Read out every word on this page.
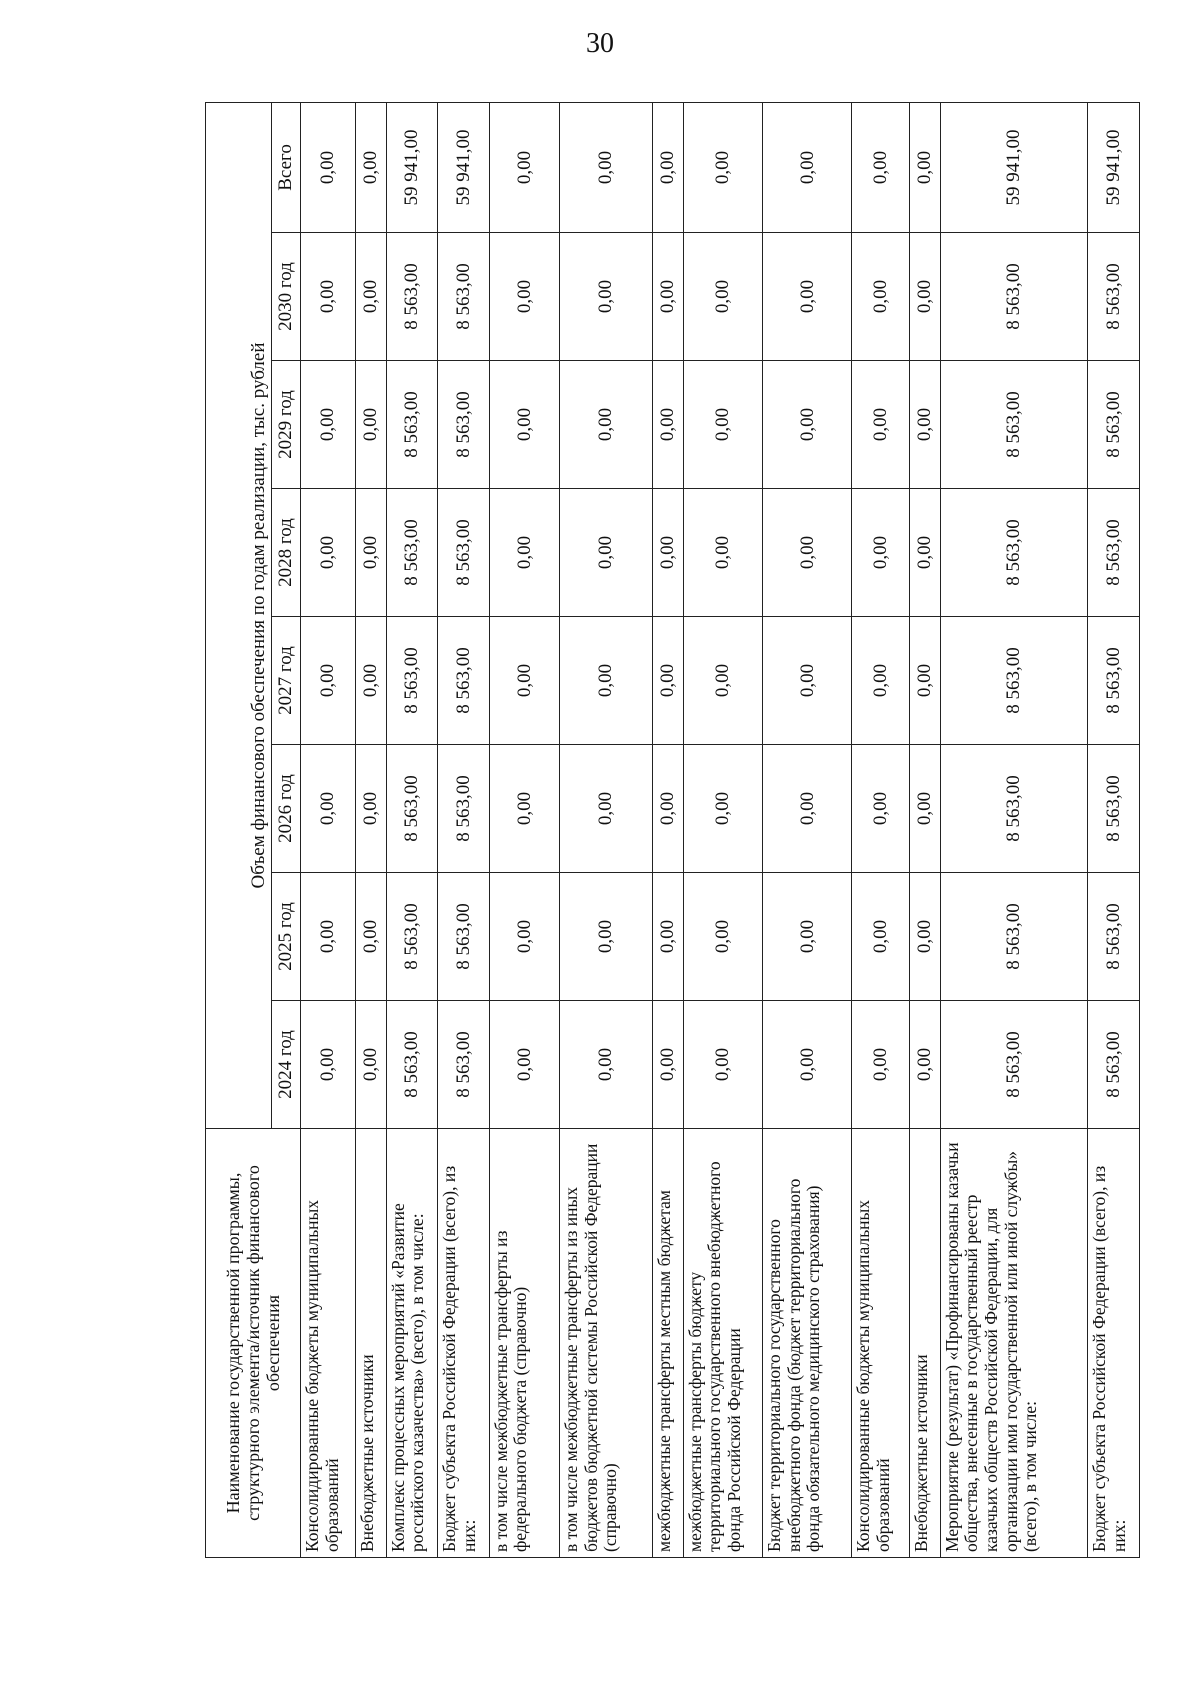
30
Наименование государственной программы, структурного элемента/источник финансового обеспечения	Объем финансового обеспечения по годам реализации, тыс. рублей							
	2024 год	2025 год	2026 год	2027 год	2028 год	2029 год	2030 год	Всего
Консолидированные бюджеты муниципальных образований	0,00	0,00	0,00	0,00	0,00	0,00	0,00	0,00
Внебюджетные источники	0,00	0,00	0,00	0,00	0,00	0,00	0,00	0,00
Комплекс процессных мероприятий «Развитие российского казачества» (всего), в том числе:	8 563,00	8 563,00	8 563,00	8 563,00	8 563,00	8 563,00	8 563,00	59 941,00
Бюджет субъекта Российской Федерации (всего), из них:	8 563,00	8 563,00	8 563,00	8 563,00	8 563,00	8 563,00	8 563,00	59 941,00
в том числе межбюджетные трансферты из федерального бюджета (справочно)	0,00	0,00	0,00	0,00	0,00	0,00	0,00	0,00
в том числе межбюджетные трансферты из иных бюджетов бюджетной системы Российской Федерации (справочно)	0,00	0,00	0,00	0,00	0,00	0,00	0,00	0,00
межбюджетные трансферты местным бюджетам	0,00	0,00	0,00	0,00	0,00	0,00	0,00	0,00
межбюджетные трансферты бюджету территориального государственного внебюджетного фонда Российской Федерации	0,00	0,00	0,00	0,00	0,00	0,00	0,00	0,00
Бюджет территориального государственного внебюджетного фонда (бюджет территориального фонда обязательного медицинского страхования)	0,00	0,00	0,00	0,00	0,00	0,00	0,00	0,00
Консолидированные бюджеты муниципальных образований	0,00	0,00	0,00	0,00	0,00	0,00	0,00	0,00
Внебюджетные источники	0,00	0,00	0,00	0,00	0,00	0,00	0,00	0,00
Мероприятие (результат) «Профинансированы казачьи общества, внесенные в государственный реестр казачьих обществ Российской Федерации, для организации ими государственной или иной службы» (всего), в том числе:	8 563,00	8 563,00	8 563,00	8 563,00	8 563,00	8 563,00	8 563,00	59 941,00
Бюджет субъекта Российской Федерации (всего), из них:	8 563,00	8 563,00	8 563,00	8 563,00	8 563,00	8 563,00	8 563,00	59 941,00
